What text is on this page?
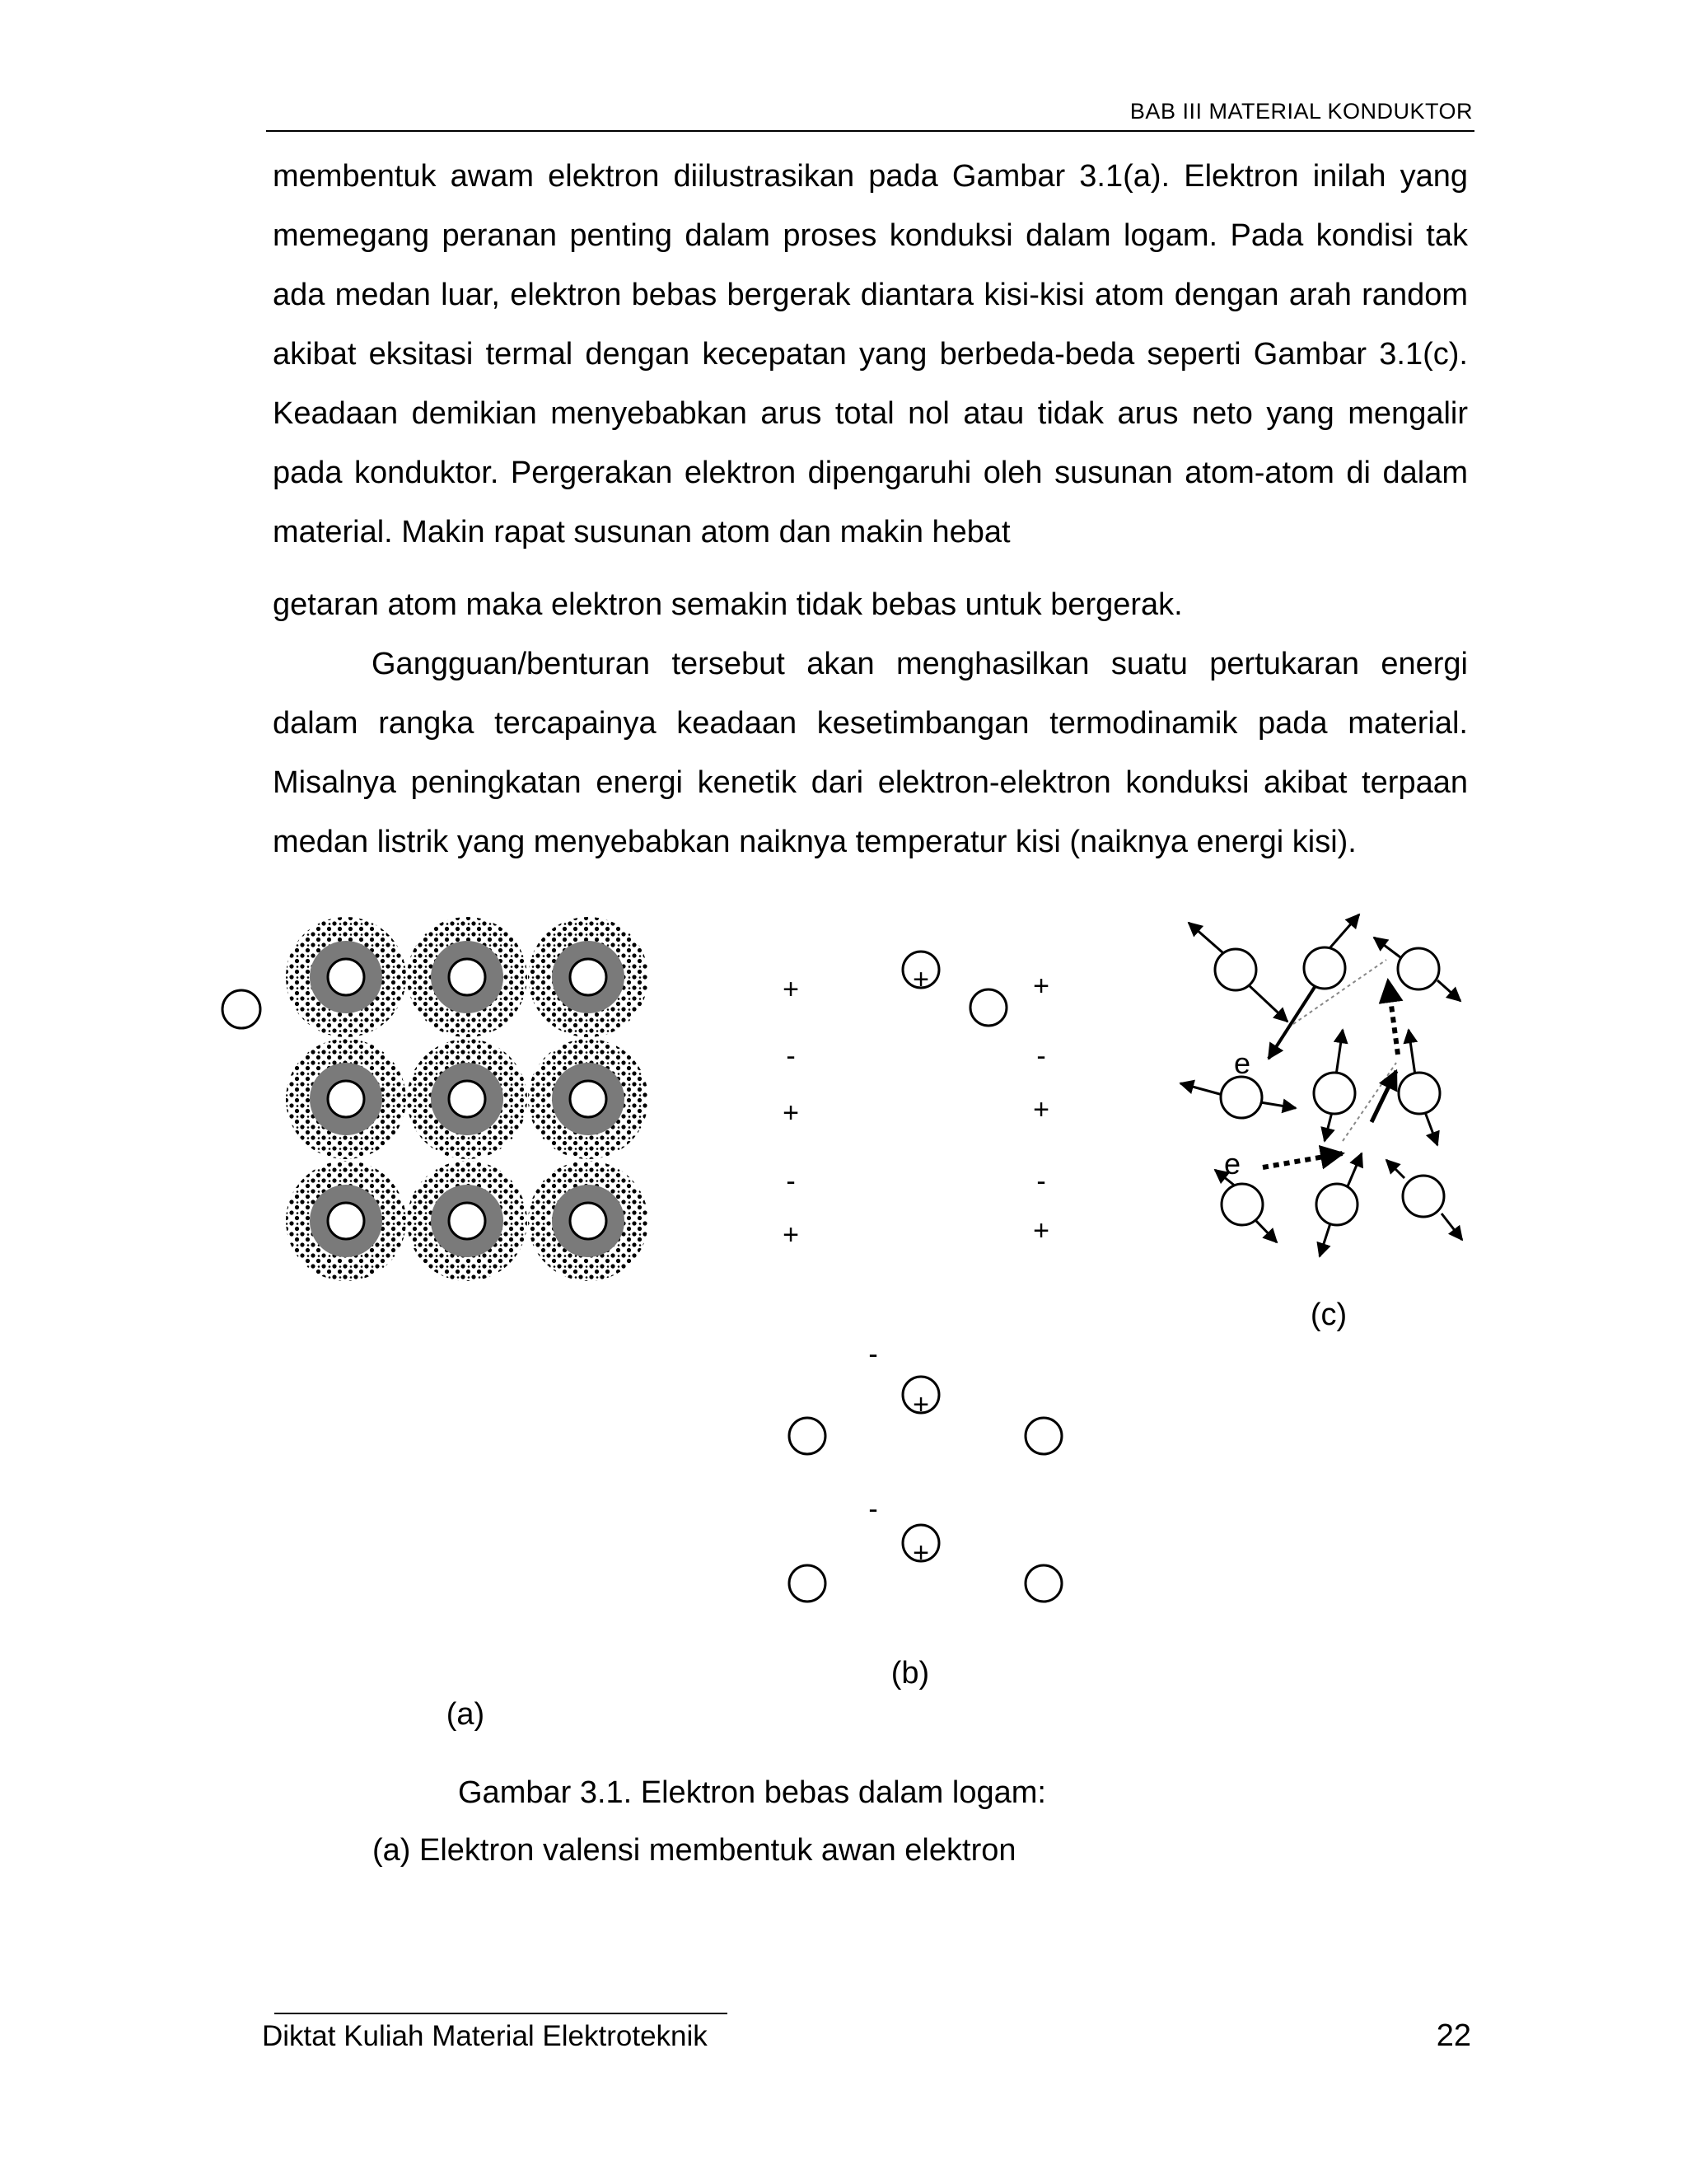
BAB III MATERIAL KONDUKTOR

membentuk awam elektron diilustrasikan pada Gambar 3.1(a). Elektron inilah yang memegang peranan penting dalam proses konduksi dalam logam. Pada kondisi tak ada medan luar, elektron bebas bergerak diantara kisi-kisi atom dengan arah random akibat eksitasi termal dengan kecepatan yang berbeda-beda seperti Gambar 3.1(c). Keadaan demikian menyebabkan arus total nol atau tidak arus neto yang mengalir pada konduktor. Pergerakan elektron dipengaruhi oleh susunan atom-atom di dalam material. Makin rapat susunan atom dan makin hebat

getaran atom maka elektron semakin tidak bebas untuk bergerak.

Gangguan/benturan tersebut akan menghasilkan suatu pertukaran energi dalam rangka tercapainya keadaan kesetimbangan termodinamik pada material. Misalnya peningkatan energi kenetik dari elektron-elektron konduksi akibat terpaan medan listrik yang menyebabkan naiknya temperatur kisi (naiknya energi kisi).

(a)
+
-
+
-
+
+
-
+
-
+
+
-
+
-
+
(b)
e
e
(c)
Gambar 3.1. Elektron bebas dalam logam:
(a) Elektron valensi membentuk awan elektron
Diktat Kuliah Material Elektroteknik	22
